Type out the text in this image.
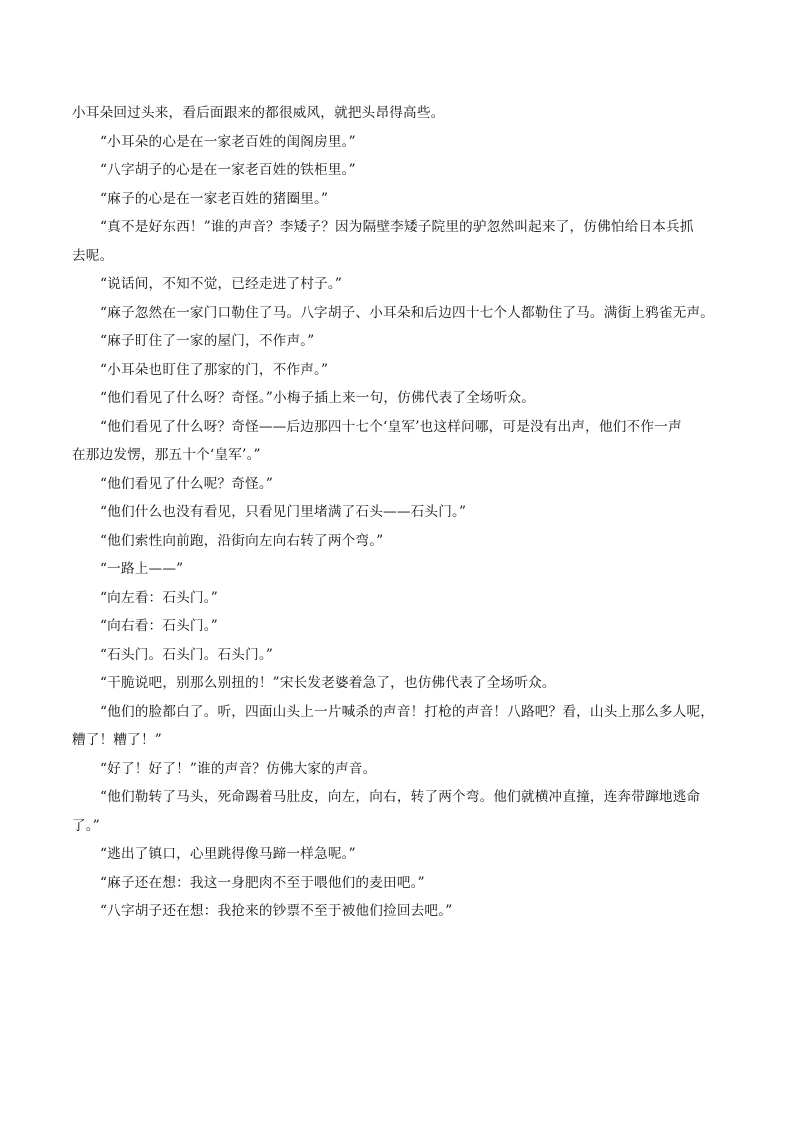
小耳朵回过头来，看后面跟来的都很威风，就把头昂得高些。
“小耳朵的心是在一家老百姓的闺阁房里。”
“八字胡子的心是在一家老百姓的铁柜里。”
“麻子的心是在一家老百姓的猪圈里。”
“真不是好东西！”谁的声音？李矮子？因为隔壁李矮子院里的驴忽然叫起来了，仿佛怕给日本兵抓
去呢。
“说话间，不知不觉，已经走进了村子。”
“麻子忽然在一家门口勒住了马。八字胡子、小耳朵和后边四十七个人都勒住了马。满街上鸦雀无声。
“麻子盯住了一家的屋门，不作声。”
“小耳朵也盯住了那家的门，不作声。”
“他们看见了什么呀？奇怪。”小梅子插上来一句，仿佛代表了全场听众。
“他们看见了什么呀？奇怪——后边那四十七个‘皇军’也这样问哪，可是没有出声，他们不作一声
在那边发愣，那五十个‘皇军’。”
“他们看见了什么呢？奇怪。”
“他们什么也没有看见，只看见门里堵满了石头——石头门。”
“他们索性向前跑，沿街向左向右转了两个弯。”
“一路上——”
“向左看：石头门。”
“向右看：石头门。”
“石头门。石头门。石头门。”
“干脆说吧，别那么别扭的！”宋长发老婆着急了，也仿佛代表了全场听众。
“他们的脸都白了。听，四面山头上一片喊杀的声音！打枪的声音！八路吧？看，山头上那么多人呢，
糟了！糟了！”
“好了！好了！”谁的声音？仿佛大家的声音。
“他们勒转了马头，死命踢着马肚皮，向左，向右，转了两个弯。他们就横冲直撞，连奔带蹿地逃命
了。”
“逃出了镇口，心里跳得像马蹄一样急呢。”
“麻子还在想：我这一身肥肉不至于喂他们的麦田吧。”
“八字胡子还在想：我抢来的钞票不至于被他们捡回去吧。”
